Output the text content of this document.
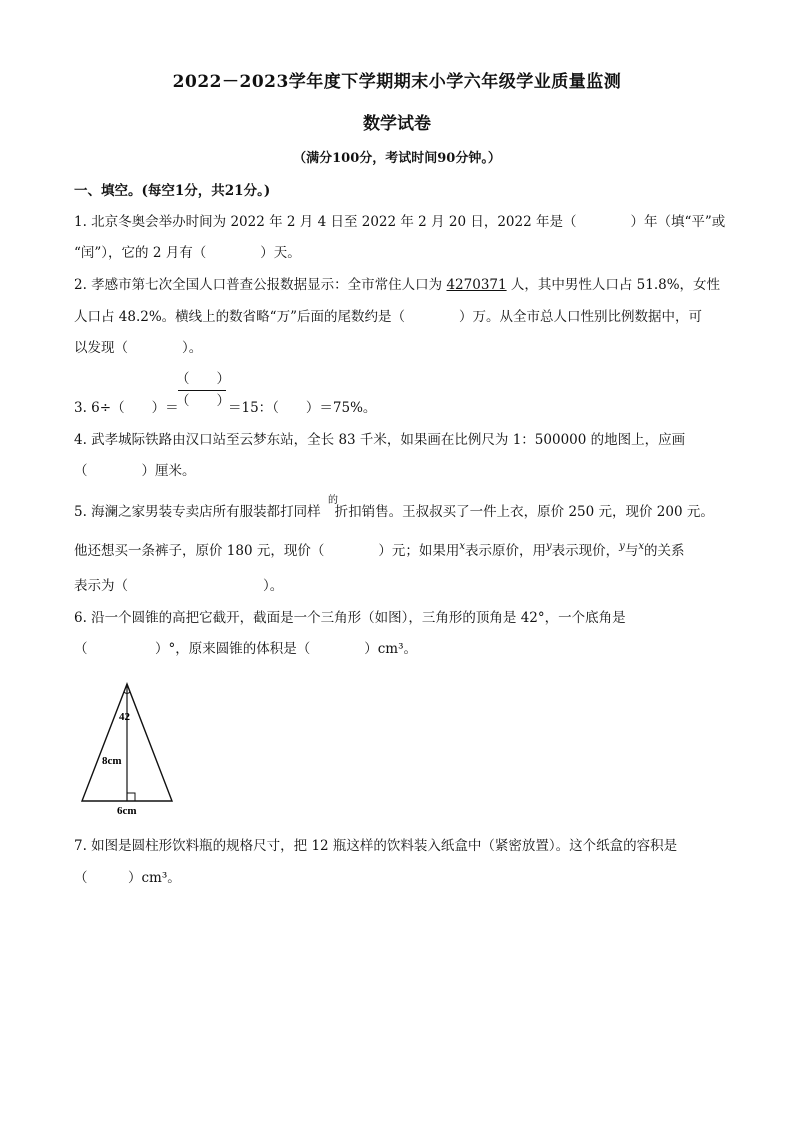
2022－2023学年度下学期期末小学六年级学业质量监测
数学试卷
（满分100分，考试时间90分钟。）
一、填空。(每空1分，共21分。)
1. 北京冬奥会举办时间为 2022 年 2 月 4 日至 2022 年 2 月 20 日，2022 年是（　　　　）年（填“平”或
“闰”），它的 2 月有（　　　　）天。
2. 孝感市第七次全国人口普查公报数据显示：全市常住人口为 4270371 人，其中男性人口占 51.8%，女性
人口占 48.2%。横线上的数省略“万”后面的尾数约是（　　　　）万。从全市总人口性别比例数据中，可
以发现（　　　　）。
3. 6÷（　　）＝
（　　）
（　　）
＝15：（　　）＝75%。
4. 武孝城际铁路由汉口站至云梦东站，全长 83 千米，如果画在比例尺为 1：500000 的地图上，应画
（　　　　）厘米。
5. 海澜之家男装专卖店所有服装都打同样 折扣销售。王叔叔买了一件上衣，原价 250 元，现价 200 元。
的
他还想买一条裤子，原价 180 元，现价（　　　　）元；如果用$^x$表示原价，用$^y$表示现价，$^y$与$^x$的关系
表示为（　　　　　　　　　　）。
6. 沿一个圆锥的高把它截开，截面是一个三角形（如图），三角形的顶角是 42°，一个底角是
（　　　　　）°，原来圆锥的体积是（　　　　）cm³。
42
8cm
6cm
7. 如图是圆柱形饮料瓶的规格尺寸，把 12 瓶这样的饮料装入纸盒中（紧密放置）。这个纸盒的容积是
（　　　）cm³。
